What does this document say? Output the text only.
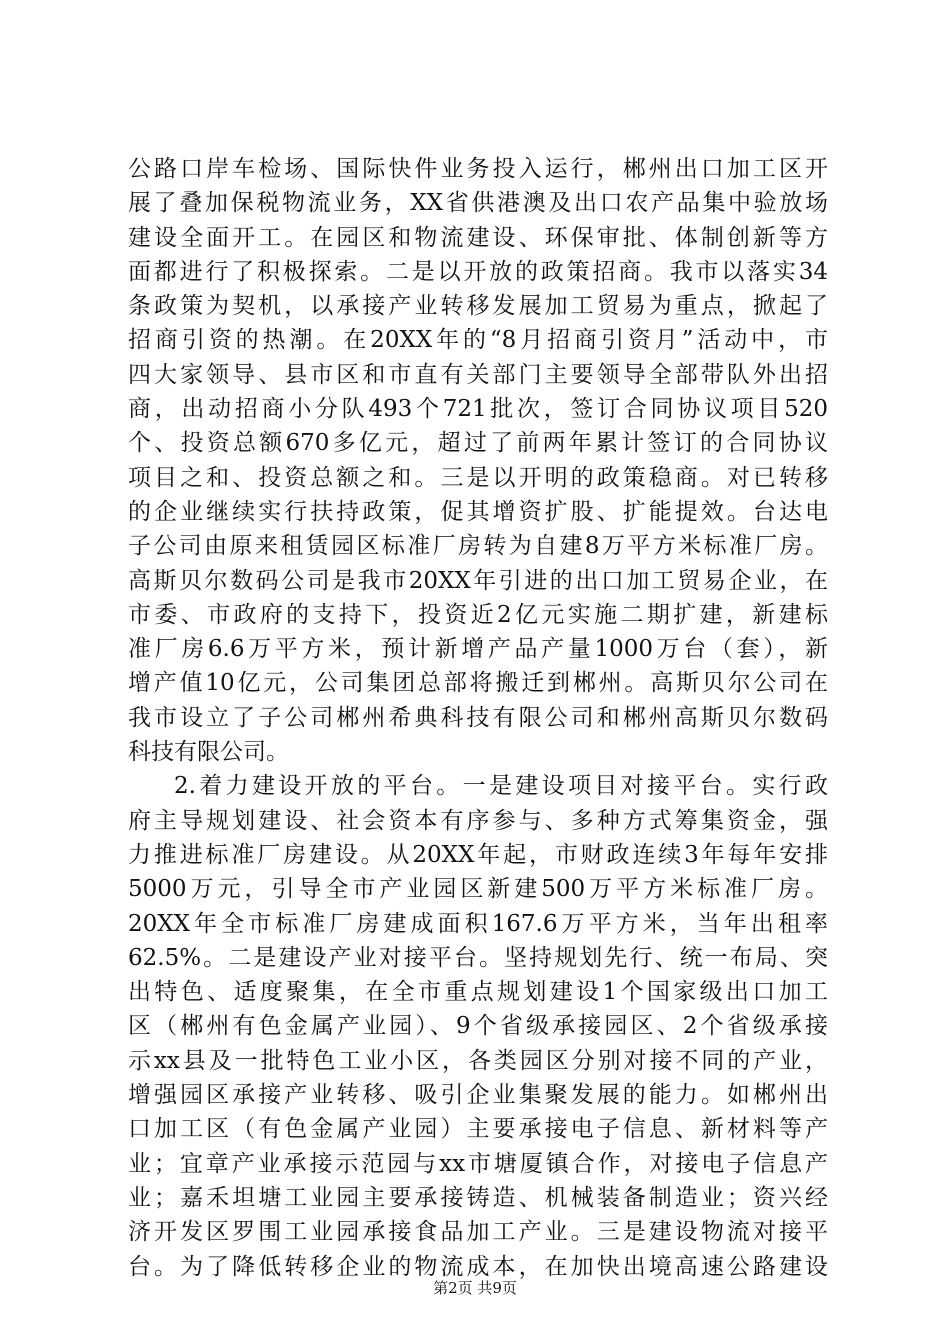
公路口岸车检场、国际快件业务投入运行，郴州出口加工区开
展了叠加保税物流业务，XX省供港澳及出口农产品集中验放场
建设全面开工。在园区和物流建设、环保审批、体制创新等方
面都进行了积极探索。二是以开放的政策招商。我市以落实34
条政策为契机，以承接产业转移发展加工贸易为重点，掀起了
招商引资的热潮。在20XX年的“8月招商引资月”活动中，市
四大家领导、县市区和市直有关部门主要领导全部带队外出招
商，出动招商小分队493个721批次，签订合同协议项目520
个、投资总额670多亿元，超过了前两年累计签订的合同协议
项目之和、投资总额之和。三是以开明的政策稳商。对已转移
的企业继续实行扶持政策，促其增资扩股、扩能提效。台达电
子公司由原来租赁园区标准厂房转为自建8万平方米标准厂房。
高斯贝尔数码公司是我市20XX年引进的出口加工贸易企业，在
市委、市政府的支持下，投资近2亿元实施二期扩建，新建标
准厂房6.6万平方米，预计新增产品产量1000万台（套），新
增产值10亿元，公司集团总部将搬迁到郴州。高斯贝尔公司在
我市设立了子公司郴州希典科技有限公司和郴州高斯贝尔数码
科技有限公司。
2.着力建设开放的平台。一是建设项目对接平台。实行政
府主导规划建设、社会资本有序参与、多种方式筹集资金，强
力推进标准厂房建设。从20XX年起，市财政连续3年每年安排
5000万元，引导全市产业园区新建500万平方米标准厂房。
20XX年全市标准厂房建成面积167.6万平方米，当年出租率
62.5%。二是建设产业对接平台。坚持规划先行、统一布局、突
出特色、适度聚集，在全市重点规划建设1个国家级出口加工
区（郴州有色金属产业园）、9个省级承接园区、2个省级承接
示xx县及一批特色工业小区，各类园区分别对接不同的产业，
增强园区承接产业转移、吸引企业集聚发展的能力。如郴州出
口加工区（有色金属产业园）主要承接电子信息、新材料等产
业；宜章产业承接示范园与xx市塘厦镇合作，对接电子信息产
业；嘉禾坦塘工业园主要承接铸造、机械装备制造业；资兴经
济开发区罗围工业园承接食品加工产业。三是建设物流对接平
台。为了降低转移企业的物流成本，在加快出境高速公路建设
第2页 共9页
